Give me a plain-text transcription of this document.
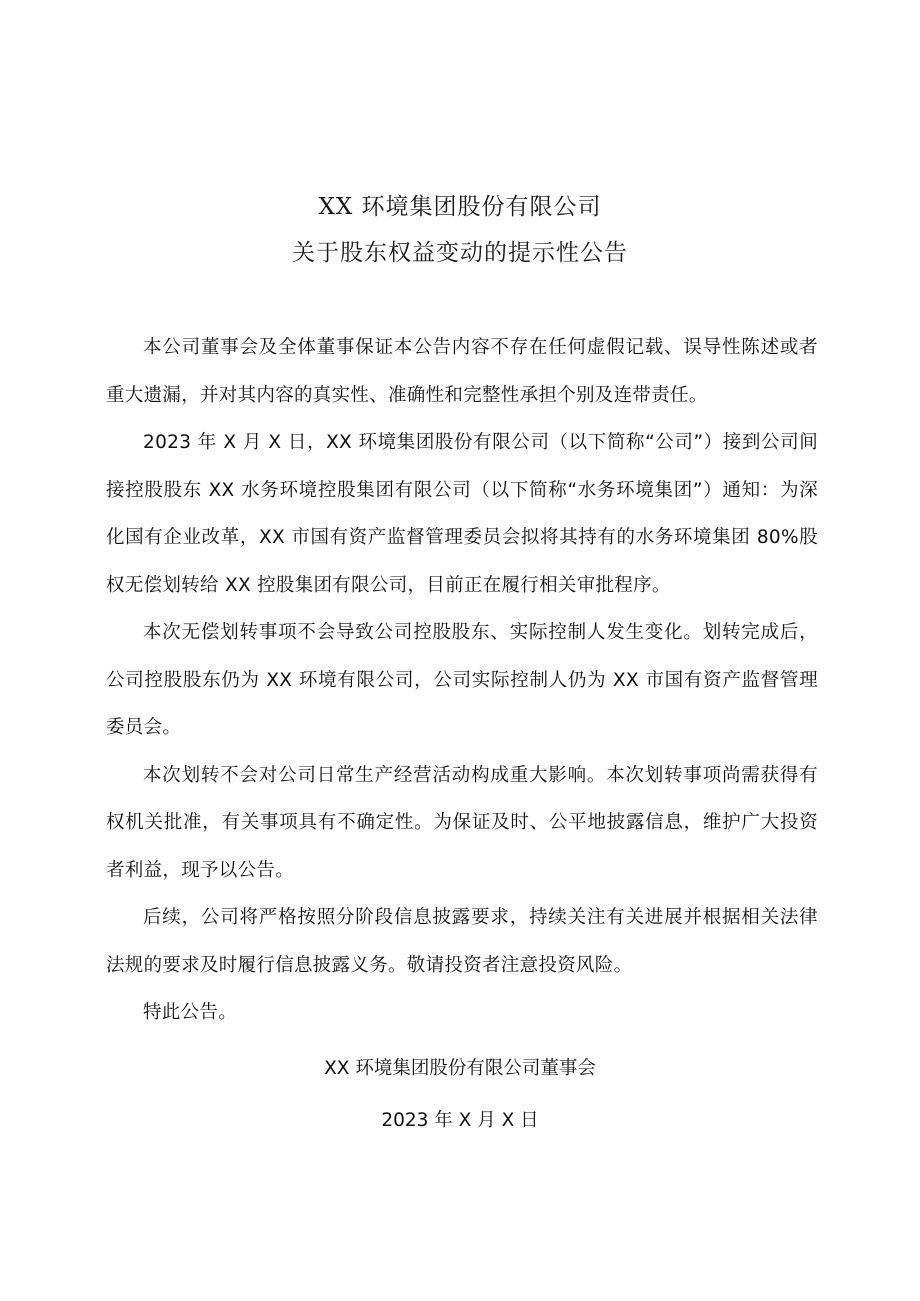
XX 环境集团股份有限公司
关于股东权益变动的提示性公告

本公司董事会及全体董事保证本公告内容不存在任何虚假记载、误导性陈述或者重大遗漏，并对其内容的真实性、准确性和完整性承担个别及连带责任。

2023 年 X 月 X 日，XX 环境集团股份有限公司（以下简称“公司”）接到公司间接控股股东 XX 水务环境控股集团有限公司（以下简称“水务环境集团”）通知：为深化国有企业改革，XX 市国有资产监督管理委员会拟将其持有的水务环境集团 80%股权无偿划转给 XX 控股集团有限公司，目前正在履行相关审批程序。

本次无偿划转事项不会导致公司控股股东、实际控制人发生变化。划转完成后，公司控股股东仍为 XX 环境有限公司，公司实际控制人仍为 XX 市国有资产监督管理委员会。

本次划转不会对公司日常生产经营活动构成重大影响。本次划转事项尚需获得有权机关批准，有关事项具有不确定性。为保证及时、公平地披露信息，维护广大投资者利益，现予以公告。

后续，公司将严格按照分阶段信息披露要求，持续关注有关进展并根据相关法律法规的要求及时履行信息披露义务。敬请投资者注意投资风险。

特此公告。

XX 环境集团股份有限公司董事会
2023 年 X 月 X 日
